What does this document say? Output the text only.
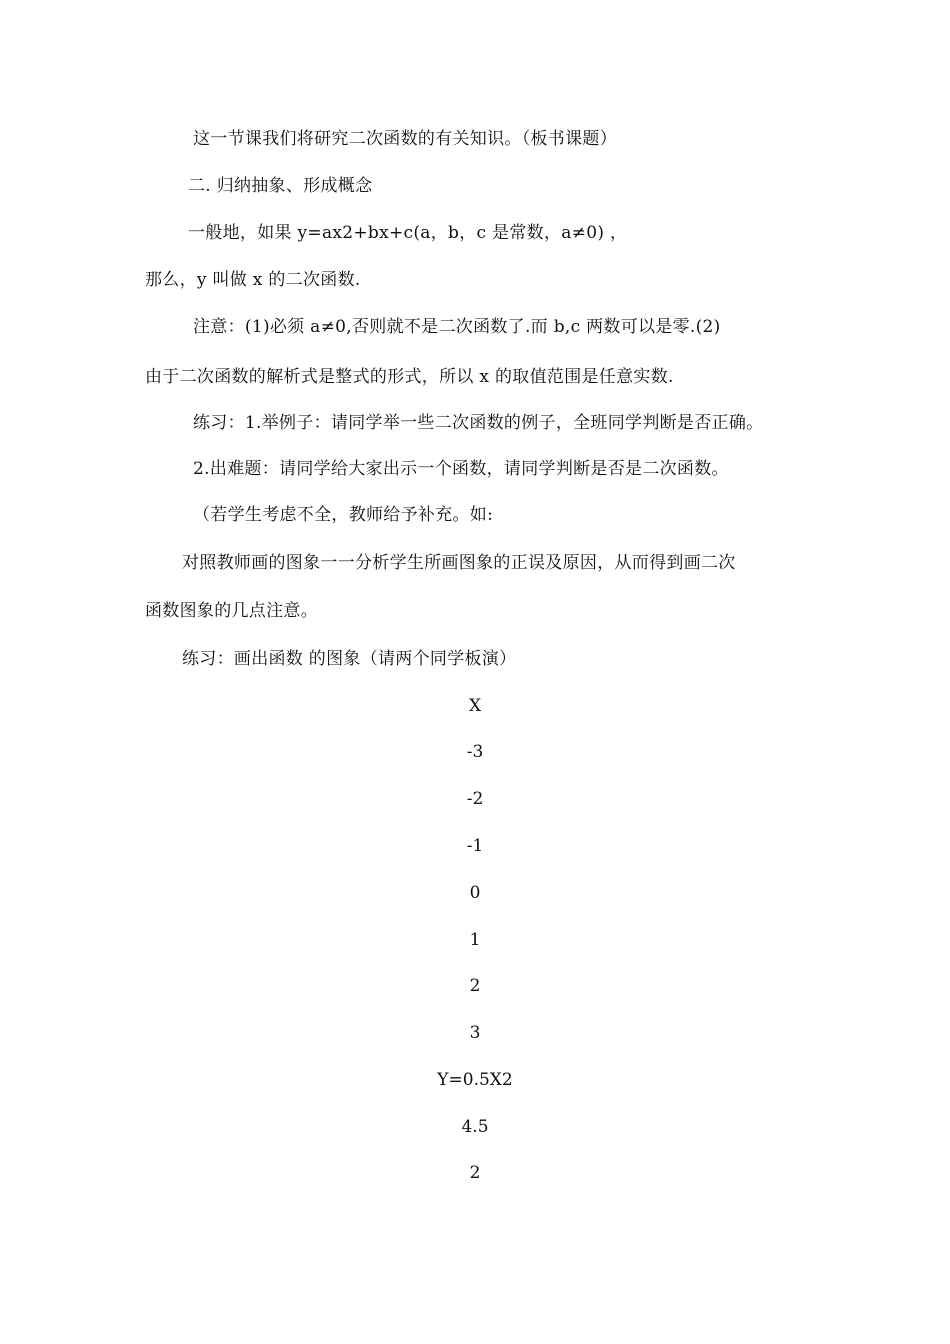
这一节课我们将研究二次函数的有关知识。（板书课题）
二. 归纳抽象、形成概念
一般地，如果 y=ax2+bx+c(a，b，c 是常数，a≠0) ，
那么，y 叫做 x 的二次函数.
注意：(1)必须 a≠0,否则就不是二次函数了.而 b,c 两数可以是零.(2)
由于二次函数的解析式是整式的形式，所以 x 的取值范围是任意实数.
练习：1.举例子：请同学举一些二次函数的例子，全班同学判断是否正确。
2.出难题：请同学给大家出示一个函数，请同学判断是否是二次函数。
（若学生考虑不全，教师给予补充。如:
对照教师画的图象一一分析学生所画图象的正误及原因，从而得到画二次
函数图象的几点注意。
练习：画出函数 的图象（请两个同学板演）
X
-3
-2
-1
0
1
2
3
Y=0.5X2
4.5
2
